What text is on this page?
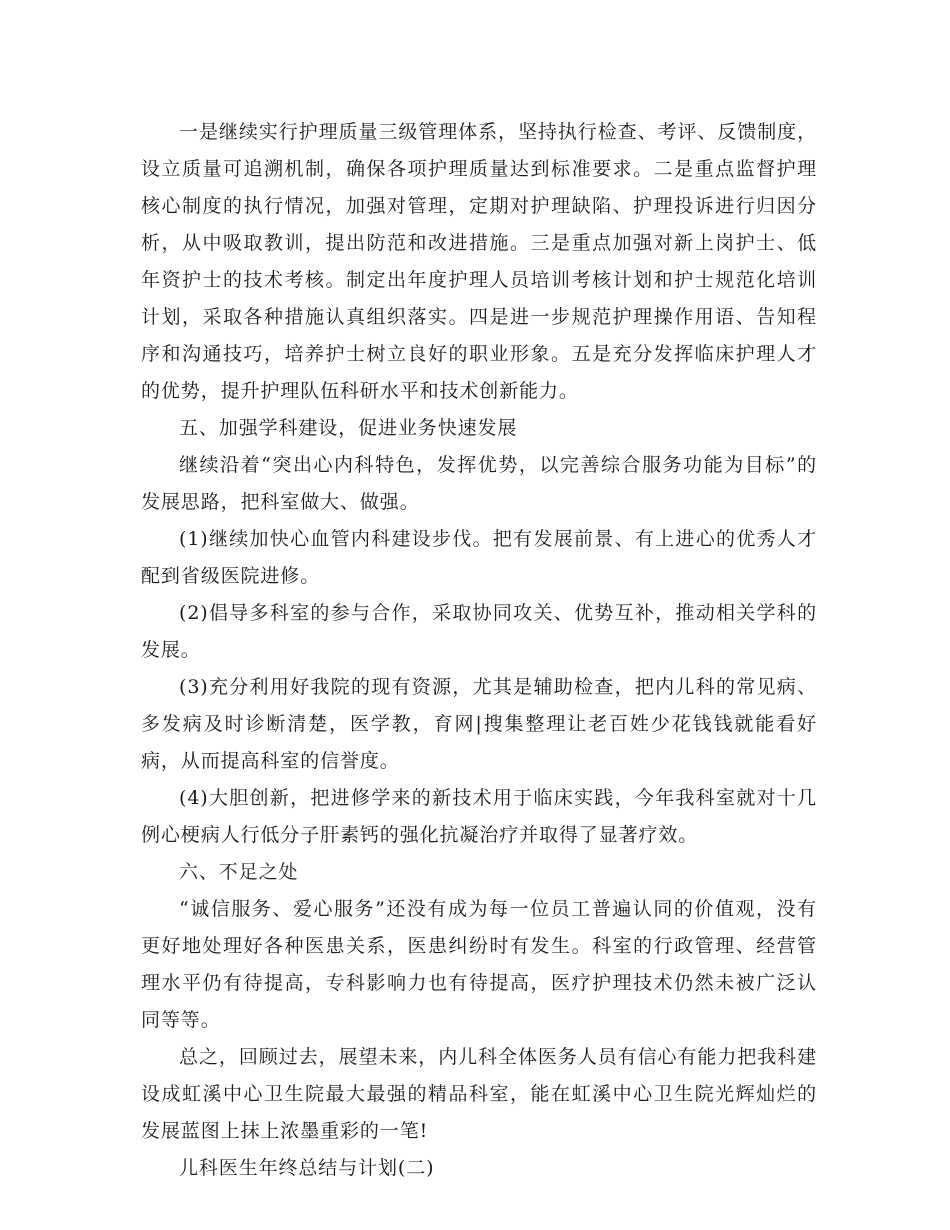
一是继续实行护理质量三级管理体系，坚持执行检查、考评、反馈制度，设立质量可追溯机制，确保各项护理质量达到标准要求。二是重点监督护理核心制度的执行情况，加强对管理，定期对护理缺陷、护理投诉进行归因分析，从中吸取教训，提出防范和改进措施。三是重点加强对新上岗护士、低年资护士的技术考核。制定出年度护理人员培训考核计划和护士规范化培训计划，采取各种措施认真组织落实。四是进一步规范护理操作用语、告知程序和沟通技巧，培养护士树立良好的职业形象。五是充分发挥临床护理人才的优势，提升护理队伍科研水平和技术创新能力。

五、加强学科建设，促进业务快速发展

继续沿着“突出心内科特色，发挥优势，以完善综合服务功能为目标”的发展思路，把科室做大、做强。

(1)继续加快心血管内科建设步伐。把有发展前景、有上进心的优秀人才配到省级医院进修。

(2)倡导多科室的参与合作，采取协同攻关、优势互补，推动相关学科的发展。

(3)充分利用好我院的现有资源，尤其是辅助检查，把内儿科的常见病、多发病及时诊断清楚，医学教，育网|搜集整理让老百姓少花钱钱就能看好病，从而提高科室的信誉度。

(4)大胆创新，把进修学来的新技术用于临床实践，今年我科室就对十几例心梗病人行低分子肝素钙的强化抗凝治疗并取得了显著疗效。

六、不足之处

“诚信服务、爱心服务”还没有成为每一位员工普遍认同的价值观，没有更好地处理好各种医患关系，医患纠纷时有发生。科室的行政管理、经营管理水平仍有待提高，专科影响力也有待提高，医疗护理技术仍然未被广泛认同等等。

总之，回顾过去，展望未来，内儿科全体医务人员有信心有能力把我科建设成虹溪中心卫生院最大最强的精品科室，能在虹溪中心卫生院光辉灿烂的发展蓝图上抹上浓墨重彩的一笔!

儿科医生年终总结与计划(二)
